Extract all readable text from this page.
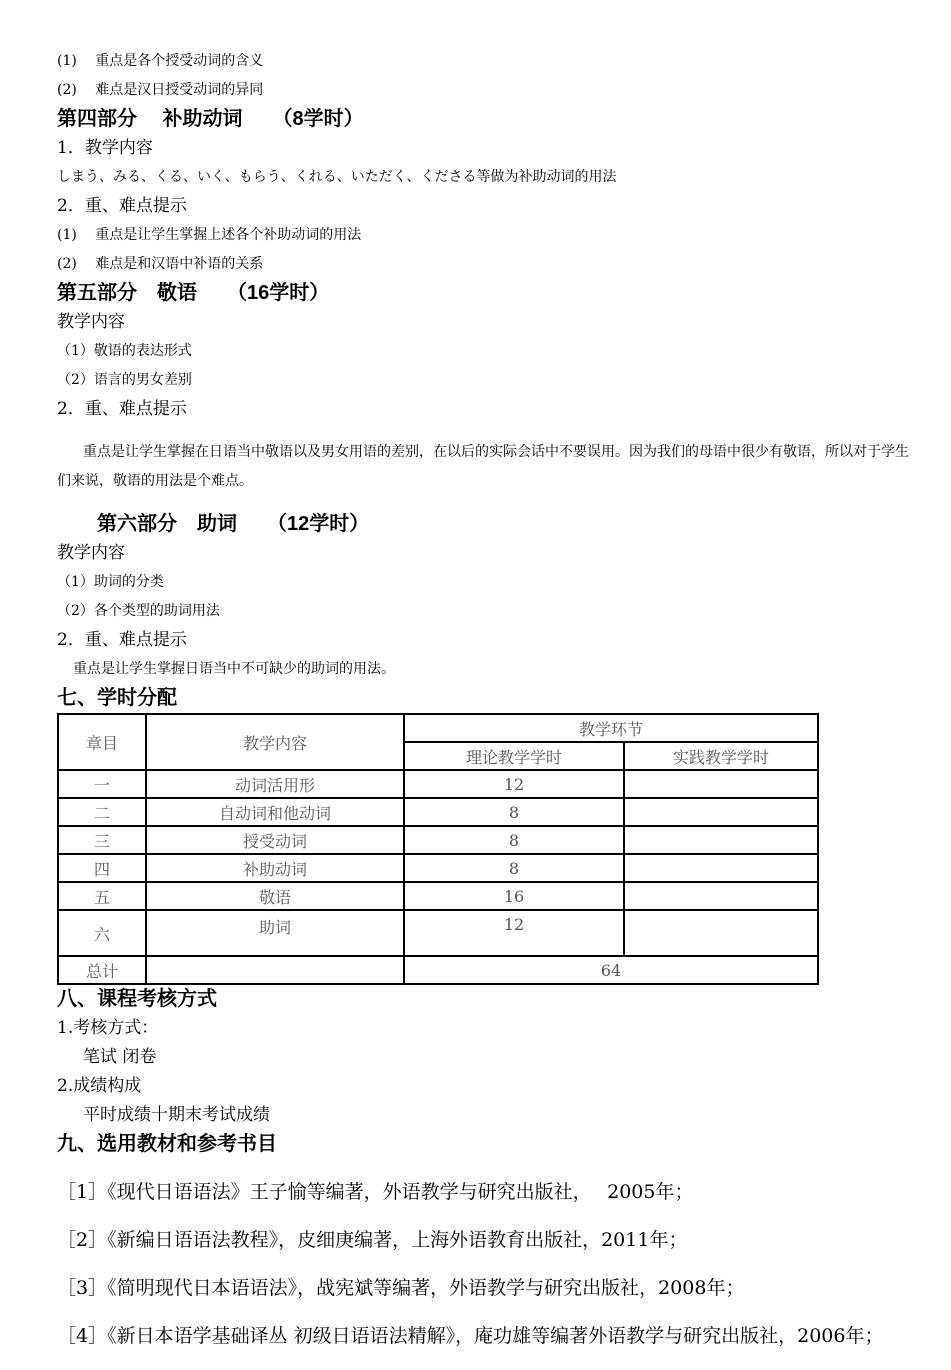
(1)　 重点是各个授受动词的含义

(2)　 难点是汉日授受动词的异同

第四部分　 补助动词　　（8学时）

1．教学内容

しまう、みる、くる、いく、もらう、くれる、いただく、くださる等做为补助动词的用法

2．重、难点提示

(1)　 重点是让学生掌握上述各个补助动词的用法

(2)　 难点是和汉语中补语的关系

第五部分　敬语　　（16学时）

教学内容

（1）敬语的表达形式

（2）语言的男女差别

2．重、难点提示

重点是让学生掌握在日语当中敬语以及男女用语的差别，在以后的实际会话中不要误用。因为我们的母语中很少有敬语，所以对于学生们来说，敬语的用法是个难点。

第六部分　助词　　（12学时）

教学内容

（1）助词的分类

（2）各个类型的助词用法

2．重、难点提示

重点是让学生掌握日语当中不可缺少的助词的用法。

七、学时分配

章目	教学内容	教学环节	
		理论教学学时	实践教学学时
一	动词活用形	12	
二	自动词和他动词	8	
三	授受动词	8	
四	补助动词	8	
五	敬语	16	
六	助词	12	
总计		64	

八、课程考核方式

1.考核方式：

笔试 闭卷

2.成绩构成

平时成绩十期末考试成绩

九、选用教材和参考书目

［1］《现代日语语法》王子愉等编著，外语教学与研究出版社，　 2005年；

［2］《新编日语语法教程》，皮细庚编著，上海外语教育出版社，2011年；

［3］《简明现代日本语语法》，战宪斌等编著，外语教学与研究出版社，2008年；

［4］《新日本语学基础译丛 初级日语语法精解》，庵功雄等编著外语教学与研究出版社，2006年；
